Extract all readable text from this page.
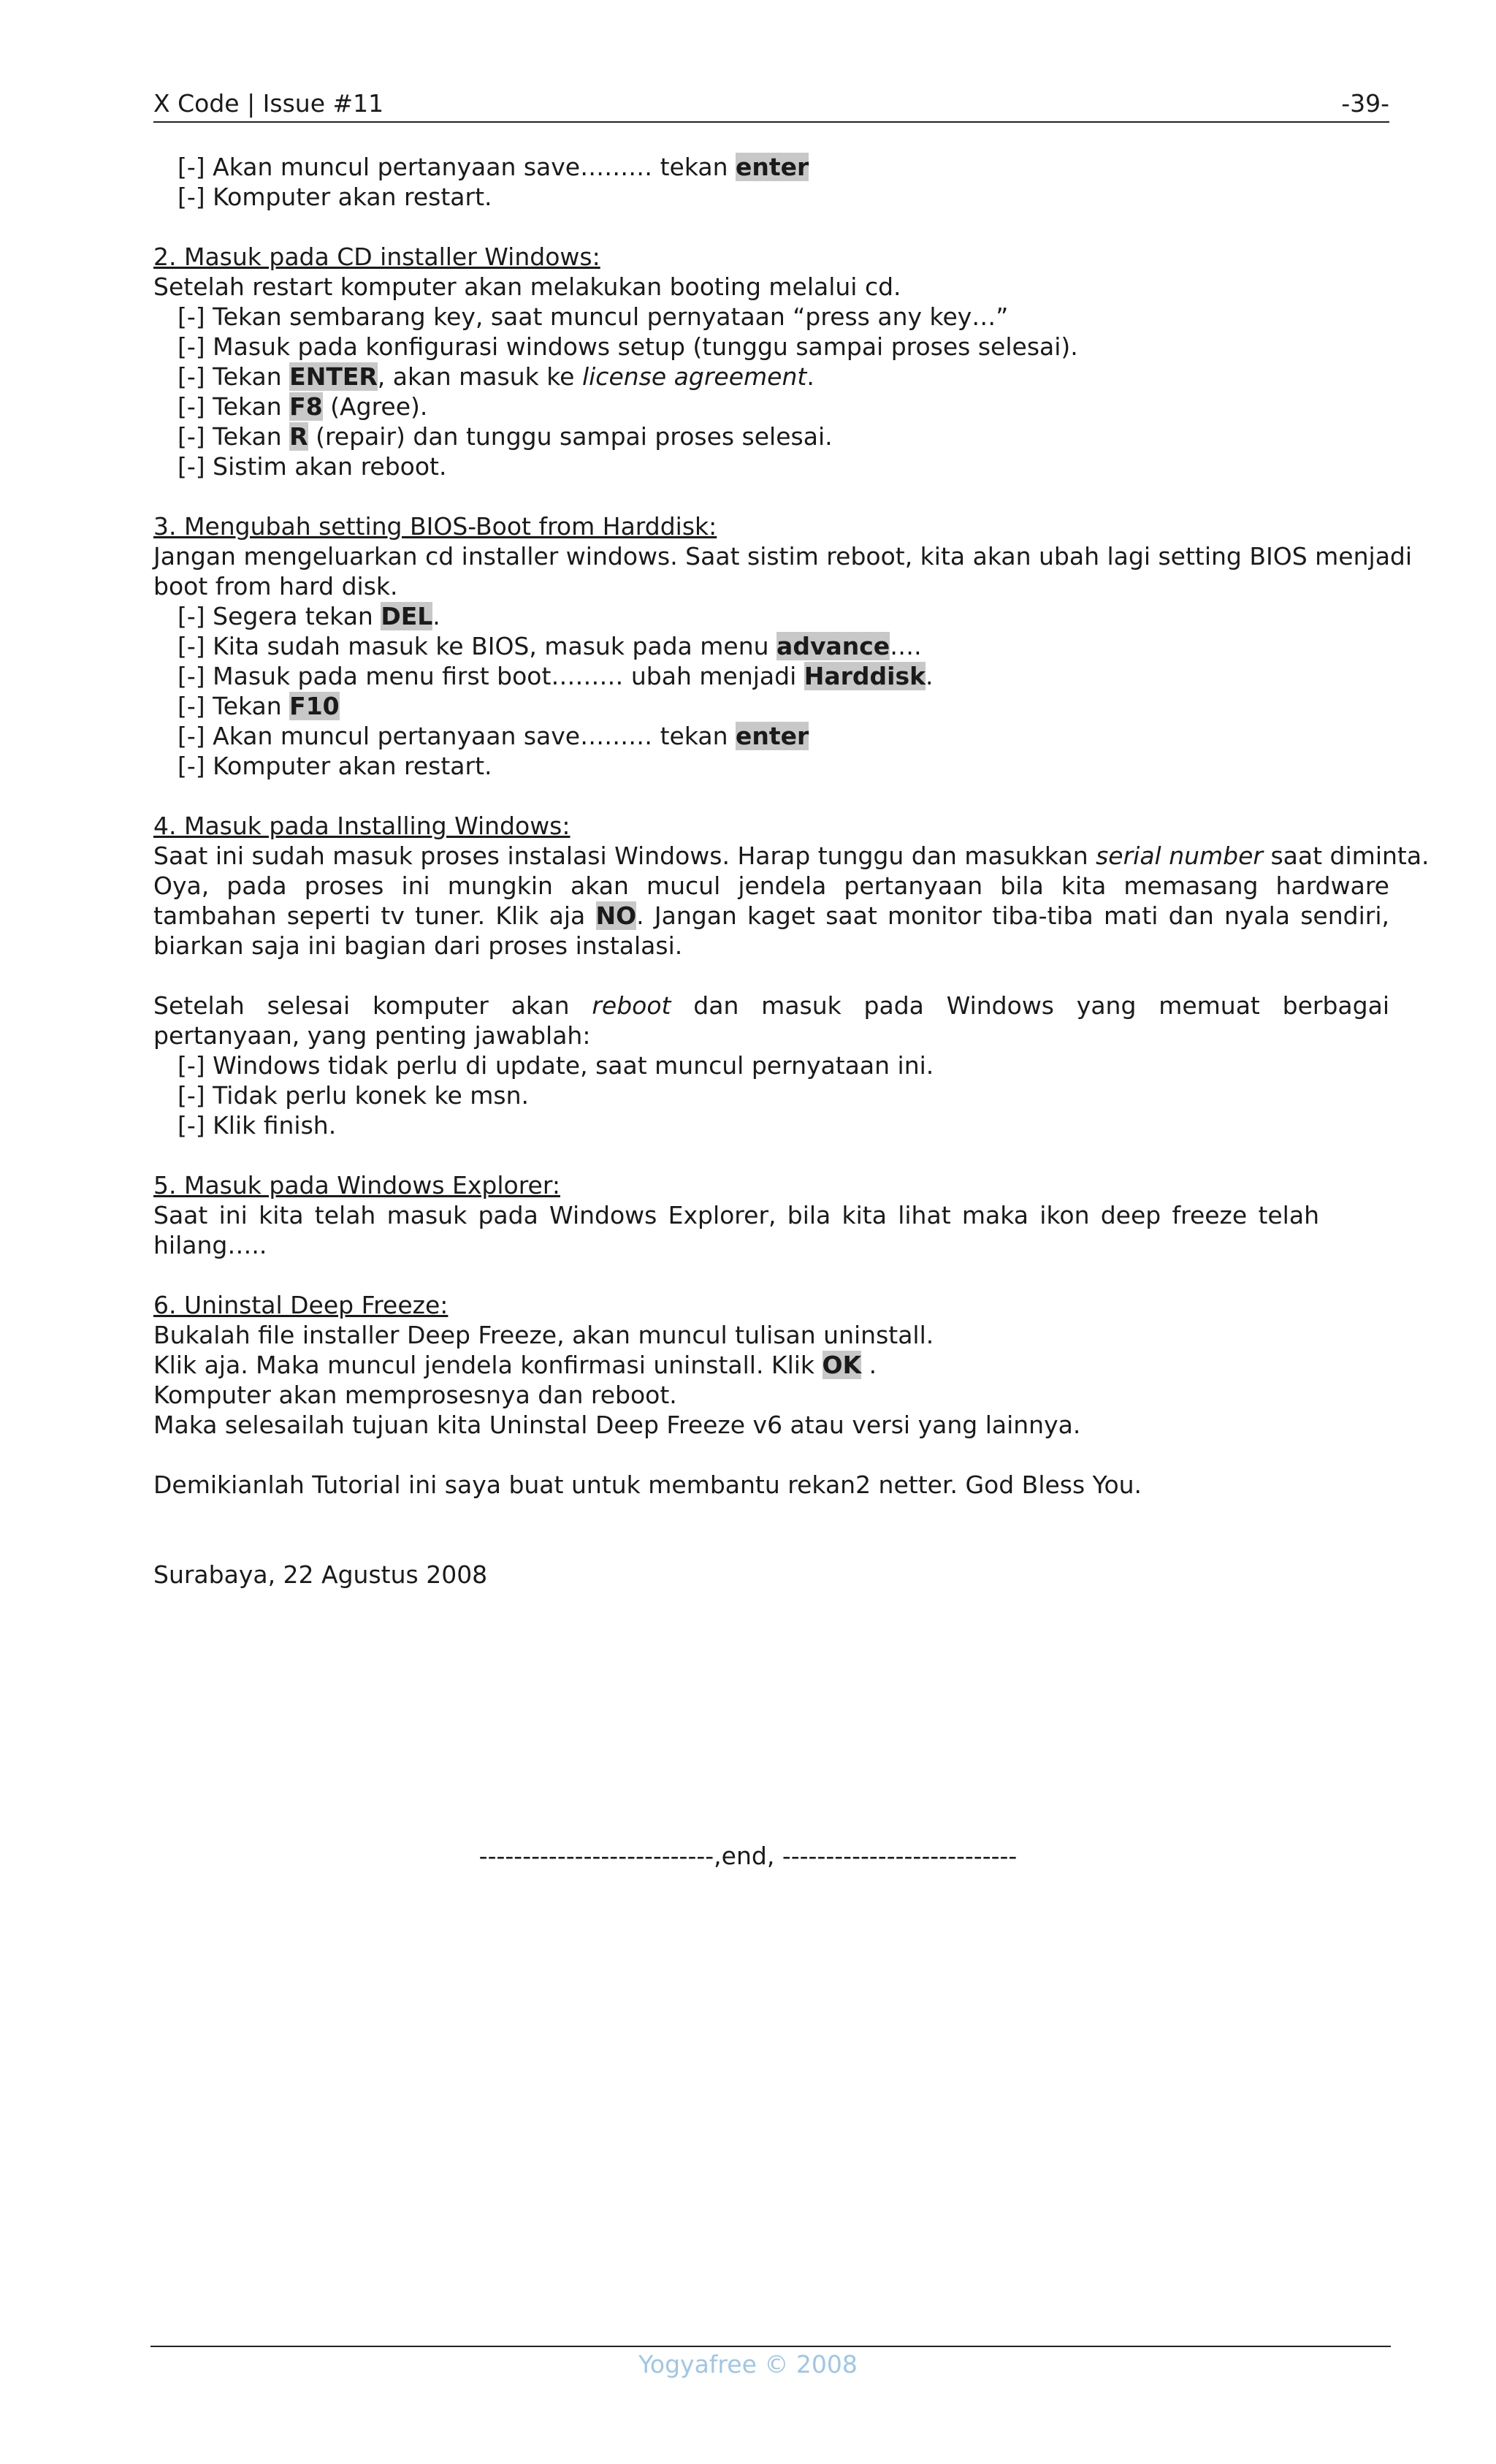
X Code | Issue #11	-39-
[-] Akan muncul pertanyaan save……… tekan enter
[-] Komputer akan restart.
2. Masuk pada CD installer Windows:
Setelah restart komputer akan melakukan booting melalui cd.
[-] Tekan sembarang key, saat muncul pernyataan “press any key…”
[-] Masuk pada konfigurasi windows setup (tunggu sampai proses selesai).
[-] Tekan ENTER, akan masuk ke license agreement.
[-] Tekan F8 (Agree).
[-] Tekan R (repair) dan tunggu sampai proses selesai.
[-] Sistim akan reboot.
3. Mengubah setting BIOS-Boot from Harddisk:
Jangan mengeluarkan cd installer windows. Saat sistim reboot, kita akan ubah lagi setting BIOS menjadi
boot from hard disk.
[-] Segera tekan DEL.
[-] Kita sudah masuk ke BIOS, masuk pada menu advance….
[-] Masuk pada menu first boot……… ubah menjadi Harddisk.
[-] Tekan F10
[-] Akan muncul pertanyaan save……… tekan enter
[-] Komputer akan restart.
4. Masuk pada Installing Windows:
Saat ini sudah masuk proses instalasi Windows. Harap tunggu dan masukkan serial number saat diminta.
Oya, pada proses ini mungkin akan mucul jendela pertanyaan bila kita memasang hardware
tambahan seperti tv tuner. Klik aja NO. Jangan kaget saat monitor tiba-tiba mati dan nyala sendiri,
biarkan saja ini bagian dari proses instalasi.
Setelah selesai komputer akan reboot dan masuk pada Windows yang memuat berbagai
pertanyaan, yang penting jawablah:
[-] Windows tidak perlu di update, saat muncul pernyataan ini.
[-] Tidak perlu konek ke msn.
[-] Klik finish.
5. Masuk pada Windows Explorer:
Saat ini kita telah masuk pada Windows Explorer, bila kita lihat maka ikon deep freeze telah
hilang…..
6. Uninstal Deep Freeze:
Bukalah file installer Deep Freeze, akan muncul tulisan uninstall.
Klik aja. Maka muncul jendela konfirmasi uninstall. Klik OK .
Komputer akan memprosesnya dan reboot.
Maka selesailah tujuan kita Uninstal Deep Freeze v6 atau versi yang lainnya.
Demikianlah Tutorial ini saya buat untuk membantu rekan2 netter. God Bless You.
Surabaya, 22 Agustus 2008
---------------------------,end, ---------------------------
Yogyafree © 2008
